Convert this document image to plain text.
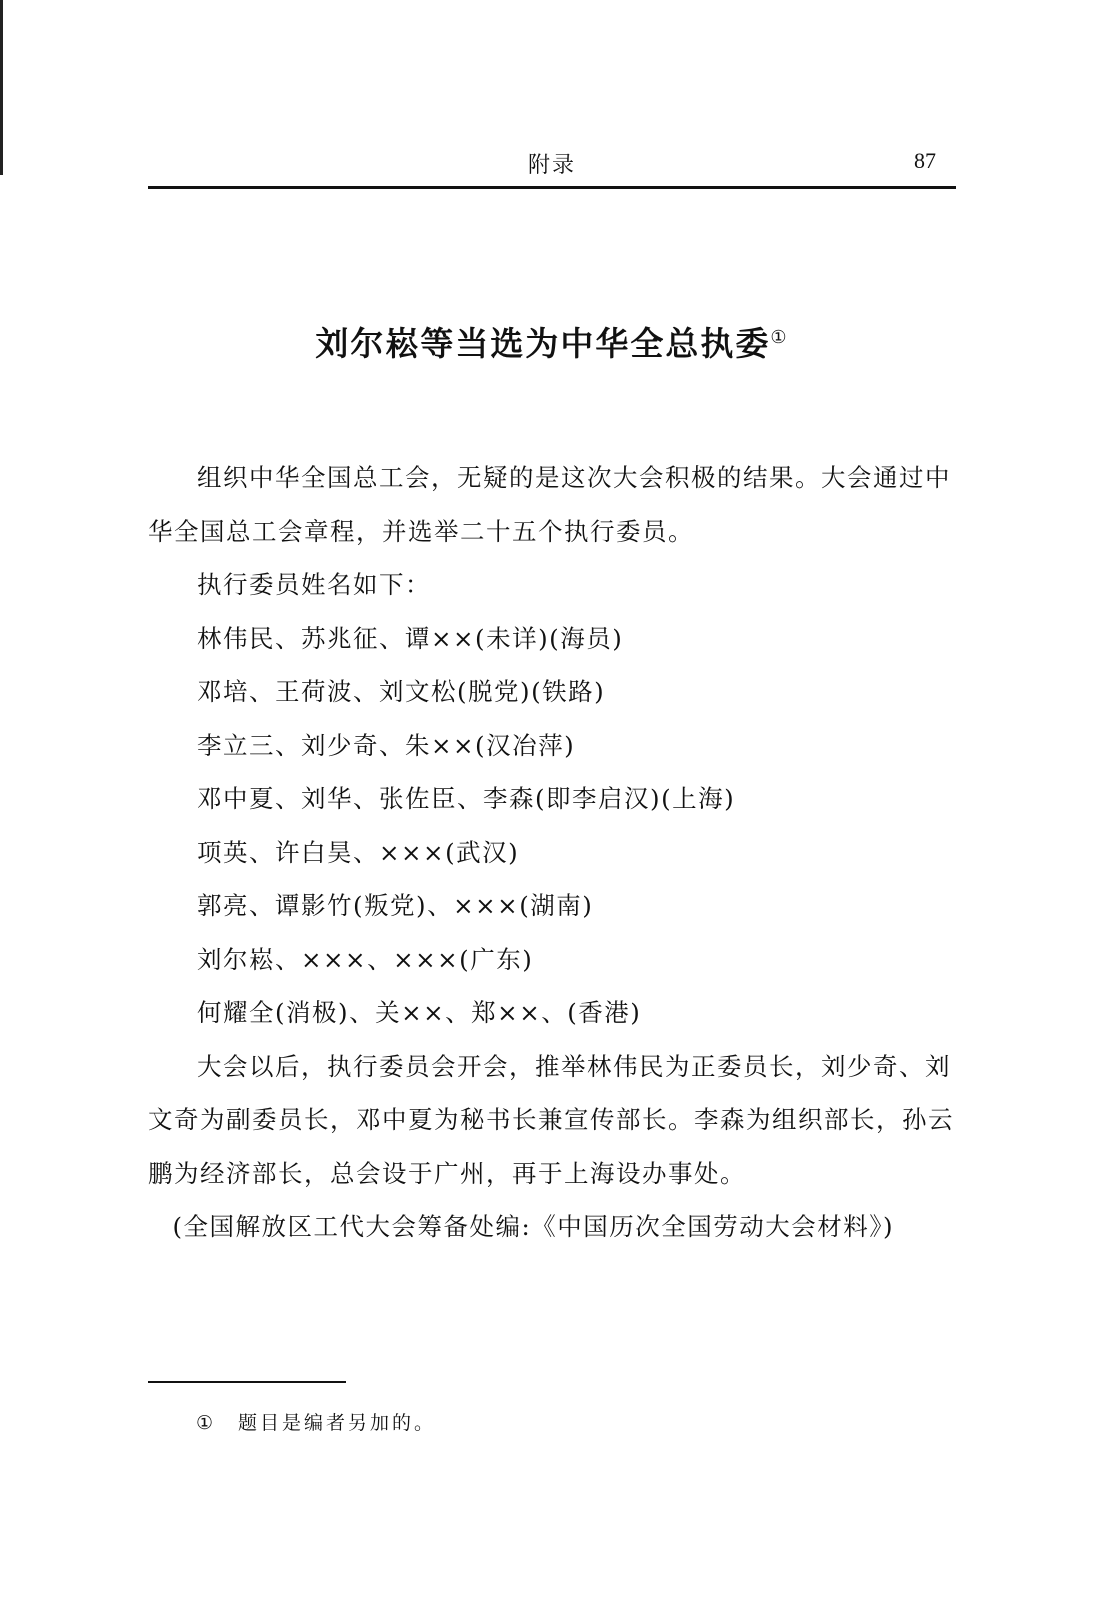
附录	87
刘尔崧等当选为中华全总执委①

组织中华全国总工会，无疑的是这次大会积极的结果。大会通过中华全国总工会章程，并选举二十五个执行委员。

执行委员姓名如下：

林伟民、苏兆征、谭××(未详)(海员)

邓培、王荷波、刘文松(脱党)(铁路)

李立三、刘少奇、朱××(汉冶萍)

邓中夏、刘华、张佐臣、李森(即李启汉)(上海)

项英、许白昊、×××(武汉)

郭亮、谭影竹(叛党)、×××(湖南)

刘尔崧、×××、×××(广东)

何耀全(消极)、关××、郑××、(香港)

大会以后，执行委员会开会，推举林伟民为正委员长，刘少奇、刘文奇为副委员长，邓中夏为秘书长兼宣传部长。李森为组织部长，孙云鹏为经济部长，总会设于广州，再于上海设办事处。

(全国解放区工代大会筹备处编:《中国历次全国劳动大会材料》)

① 题目是编者另加的。
